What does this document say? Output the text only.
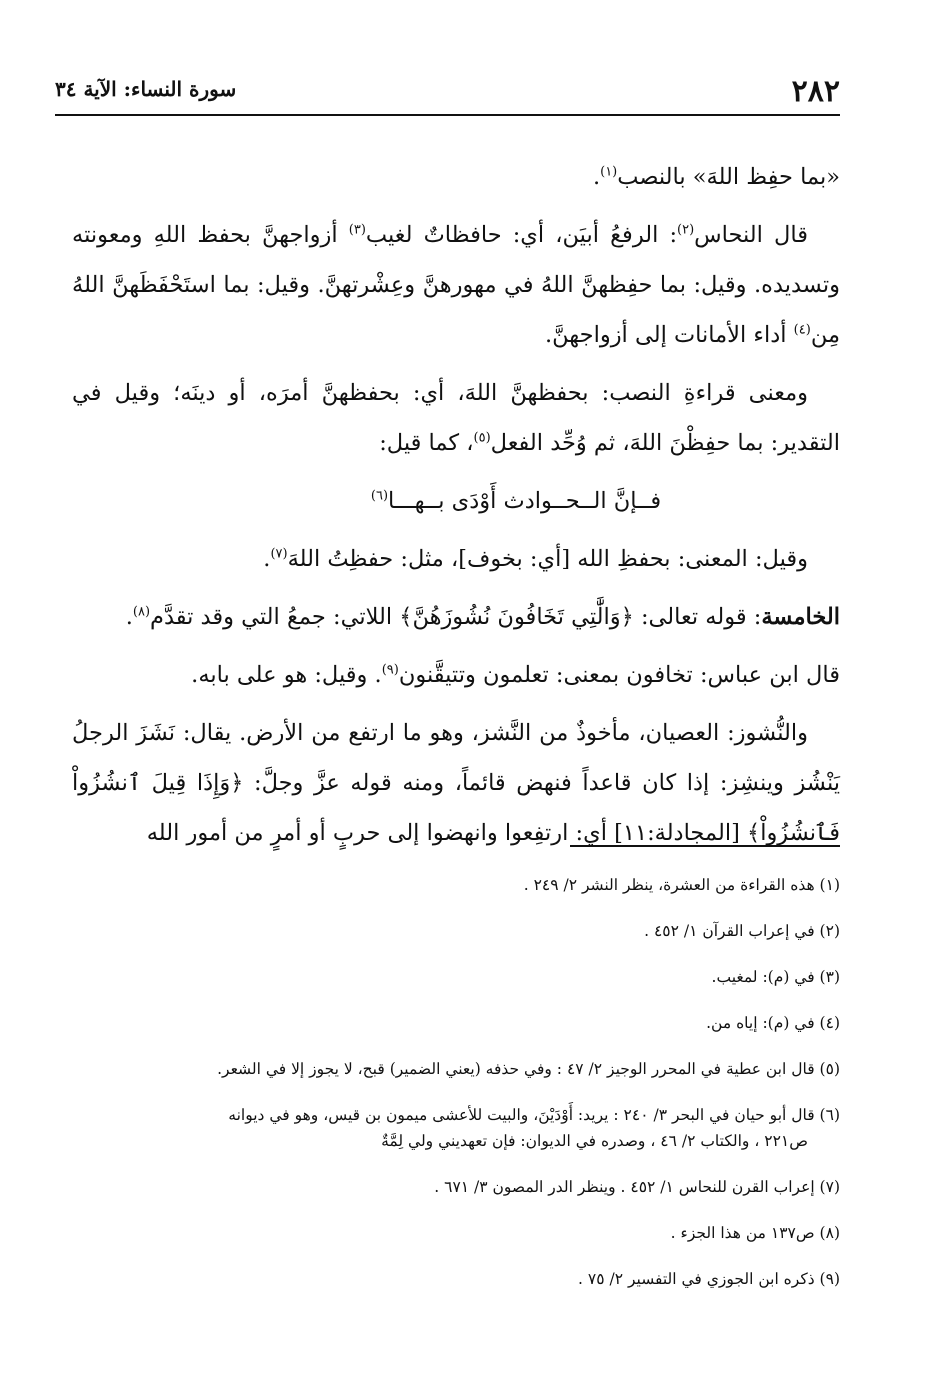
٢٨٢
سورة النساء: الآية ٣٤

«بما حفِظ اللهَ» بالنصب$^{(١)}$.

قال النحاس$^{(٢)}$: الرفعُ أبيَن، أي: حافظاتٌ لغيب$^{(٣)}$ أزواجهنَّ بحفظ اللهِ ومعونته وتسديده. وقيل: بما حفِظهنَّ اللهُ في مهورهنَّ وعِشْرتهنَّ. وقيل: بما استَحْفَظَهنَّ اللهُ مِن$^{(٤)}$ أداء الأمانات إلى أزواجهنَّ.

ومعنى قراءةِ النصب: بحفظهنَّ اللهَ، أي: بحفظهنَّ أمرَه، أو دينَه؛ وقيل في التقدير: بما حفِظْنَ اللهَ، ثم وُحِّد الفعل$^{(٥)}$، كما قيل:

فــإنَّ الــحــوادث أَوْدَى بــهـــا$^{(٦)}$

وقيل: المعنى: بحفظِ الله [أي: بخوف]، مثل: حفظِتُ اللهَ$^{(٧)}$.

الخامسة: قوله تعالى: ﴿وَالَّٰتِي تَخَافُونَ نُشُوزَهُنَّ﴾ اللاتي: جمعُ التي وقد تقدَّم$^{(٨)}$.

قال ابن عباس: تخافون بمعنى: تعلمون وتتيقَّنون$^{(٩)}$. وقيل: هو على بابه.

والنُّشوز: العصيان، مأخوذٌ من النَّشز، وهو ما ارتفع من الأرض. يقال: نَشَزَ الرجلُ يَنْشُز وينشِز: إذا كان قاعداً فنهض قائماً، ومنه قوله عزَّ وجلَّ: ﴿وَإِذَا قِيلَ ٱنشُزُواْ فَٱنشُزُواْ﴾ [المجادلة:١١] أي: ارتفِعوا وانهضوا إلى حربٍ أو أمرٍ من أمور الله

(١) هذه القراءة من العشرة، ينظر النشر ٢/ ٢٤٩ .
(٢) في إعراب القرآن ١/ ٤٥٢ .
(٣) في (م): لمغيب.
(٤) في (م): إياه من.
(٥) قال ابن عطية في المحرر الوجيز ٢/ ٤٧ : وفي حذفه (يعني الضمير) قبح، لا يجوز إلا في الشعر.
(٦) قال أبو حيان في البحر ٣/ ٢٤٠ : يريد: أَوْدَيْنَ، والبيت للأعشى ميمون بن قيس، وهو في ديوانه
ص٢٢١ ، والكتاب ٢/ ٤٦ ، وصدره في الديوان: فإن تعهديني ولي لِمَّةٌ
(٧) إعراب القرن للنحاس ١/ ٤٥٢ . وينظر الدر المصون ٣/ ٦٧١ .
(٨) ص١٣٧ من هذا الجزء .
(٩) ذكره ابن الجوزي في التفسير ٢/ ٧٥ .
